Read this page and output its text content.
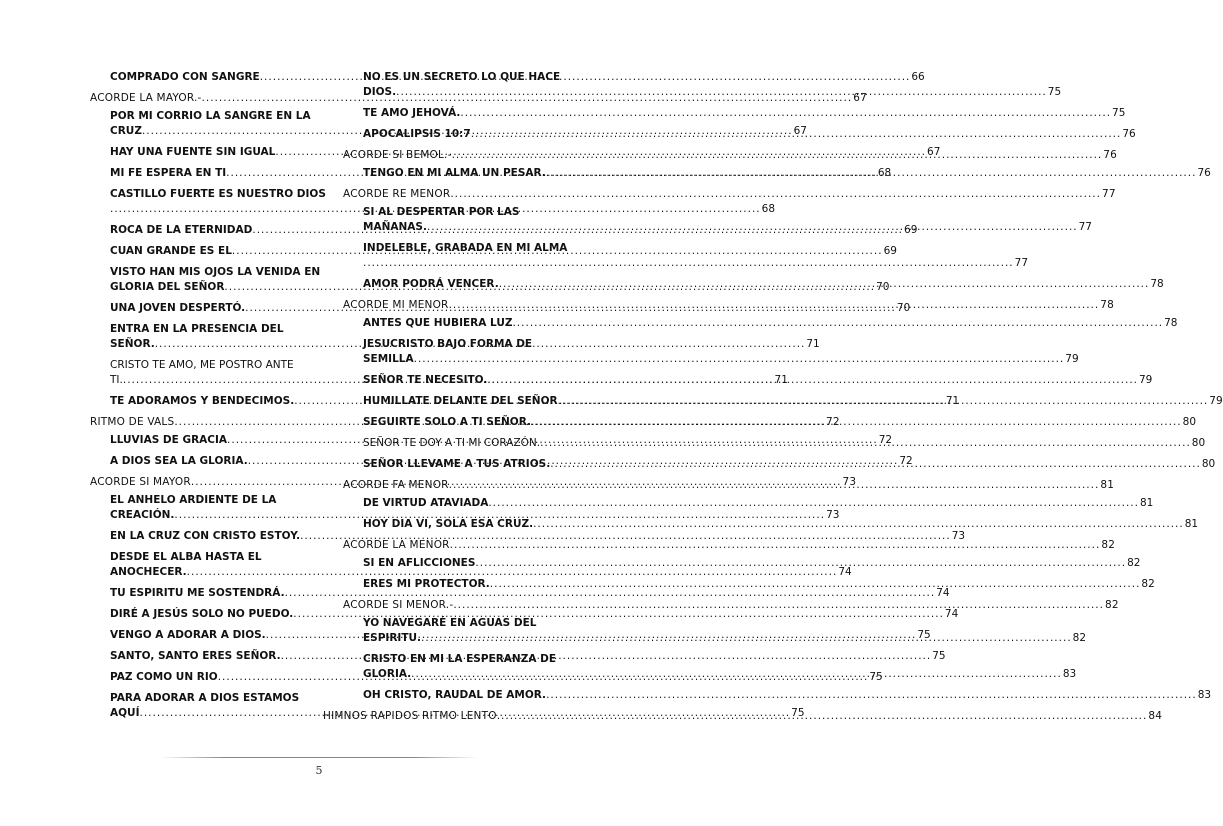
COMPRADO CON SANGRE .....	66
ACORDE LA MAYOR.- .....	67
POR MI CORRIO LA SANGRE EN LA
CRUZ .....	67
HAY UNA FUENTE SIN IGUAL .....	67
MI FE ESPERA EN TI .....	68
CASTILLO FUERTE ES NUESTRO DIOS
..... 68
ROCA DE LA ETERNIDAD .....	69
CUAN GRANDE ES EL .....	69
VISTO HAN MIS OJOS LA VENIDA EN
GLORIA DEL SEÑOR .....	70
UNA JOVEN DESPERTÓ. .....	70
ENTRA EN LA PRESENCIA DEL
SEÑOR. .....	71
CRISTO TE AMO, ME POSTRO ANTE
TI. .....	71
TE ADORAMOS Y BENDECIMOS. .....	71
RITMO DE VALS .....	72
LLUVIAS DE GRACIA .....	72
A DIOS SEA LA GLORIA. .....	72
ACORDE SI MAYOR .....	73
EL ANHELO ARDIENTE DE LA
CREACIÓN. .....	73
EN LA CRUZ CON CRISTO ESTOY. .....	73
DESDE EL ALBA HASTA EL
ANOCHECER. .....	74
TU ESPIRITU ME SOSTENDRÁ. .....	74
DIRÉ A JESÚS SOLO NO PUEDO. .....	74
VENGO A ADORAR A DIOS. .....	75
SANTO, SANTO ERES SEÑOR. .....	75
PAZ COMO UN RIO .....	75
PARA ADORAR A DIOS ESTAMOS
AQUÍ .....	75
NO ES UN SECRETO LO QUE HACE
DIOS. .....	75
TE AMO JEHOVÁ. .....	75
APOCALIPSIS 10:7 .....	76
ACORDE SI BEMOL.- .....	76
TENGO EN MI ALMA UN PESAR. .....	76
ACORDE RE MENOR .....	77
SI AL DESPERTAR POR LAS
MAÑANAS. .....	77
INDELEBLE, GRABADA EN MI ALMA
..... 77
AMOR PODRÁ VENCER. .....	78
ACORDE MI MENOR .....	78
ANTES QUE HUBIERA LUZ .....	78
JESUCRISTO BAJO FORMA DE
SEMILLA .....	79
SEÑOR TE NECESITO. .....	79
HUMILLATE DELANTE DEL SEÑOR .....	79
SEGUIRTE SOLO A TI SEÑOR. .....	80
SEÑOR TE DOY A TI MI CORAZÓN. .....	80
SEÑOR LLEVAME A TUS ATRIOS. .....	80
ACORDE FA MENOR .....	81
DE VIRTUD ATAVIADA .....	81
HOY DIA VI, SOLA ESA CRUZ. .....	81
ACORDE LA MENOR .....	82
SI EN AFLICCIONES .....	82
ERES MI PROTECTOR. .....	82
ACORDE SI MENOR.- .....	82
YO NAVEGARÉ EN AGUAS DEL
ESPIRITU. .....	82
CRISTO EN MI LA ESPERANZA DE
GLORIA. .....	83
OH CRISTO, RAUDAL DE AMOR. .....	83
HIMNOS RAPIDOS RITMO LENTO .....	84
5
